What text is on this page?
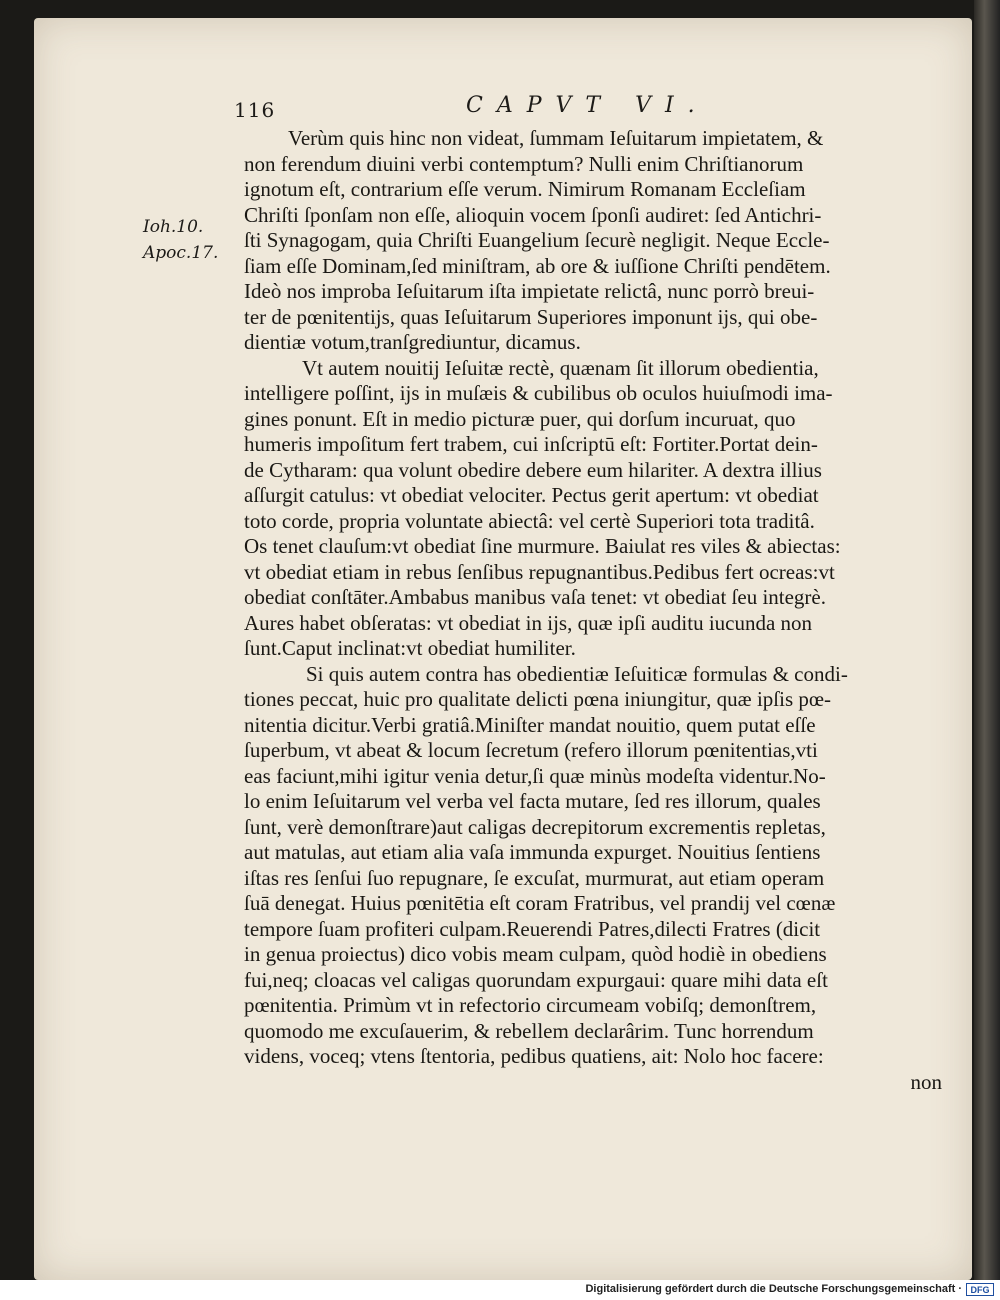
116	CAPVT VI.
Ioh.10.
Apoc.17.
Verùm quis hinc non videat, ſummam Ieſuitarum impietatem, &
non ferendum diuini verbi contemptum? Nulli enim Chriſtianorum
ignotum eſt, contrarium eſſe verum. Nimirum Romanam Eccleſiam
Chriſti ſponſam non eſſe, alioquin vocem ſponſi audiret: ſed Antichri-
ſti Synagogam, quia Chriſti Euangelium ſecurè negligit. Neque Eccle-
ſiam eſſe Dominam,ſed miniſtram, ab ore & iuſſione Chriſti pendētem.
Ideò nos improba Ieſuitarum iſta impietate relictâ, nunc porrò breui-
ter de pœnitentijs, quas Ieſuitarum Superiores imponunt ijs, qui obe-
dientiæ votum,tranſgrediuntur, dicamus.
Vt autem nouitij Ieſuitæ rectè, quænam ſit illorum obedientia,
intelligere poſſint, ijs in muſæis & cubilibus ob oculos huiuſmodi ima-
gines ponunt. Eſt in medio picturæ puer, qui dorſum incuruat, quo
humeris impoſitum fert trabem, cui inſcriptū eſt: Fortiter.Portat dein-
de Cytharam: qua volunt obedire debere eum hilariter. A dextra illius
aſſurgit catulus: vt obediat velociter. Pectus gerit apertum: vt obediat
toto corde, propria voluntate abiectâ: vel certè Superiori tota traditâ.
Os tenet clauſum:vt obediat ſine murmure. Baiulat res viles & abiectas:
vt obediat etiam in rebus ſenſibus repugnantibus.Pedibus fert ocreas:vt
obediat conſtāter.Ambabus manibus vaſa tenet: vt obediat ſeu integrè.
Aures habet obſeratas: vt obediat in ijs, quæ ipſi auditu iucunda non
ſunt.Caput inclinat:vt obediat humiliter.
Si quis autem contra has obedientiæ Ieſuiticæ formulas & condi-
tiones peccat, huic pro qualitate delicti pœna iniungitur, quæ ipſis pœ-
nitentia dicitur.Verbi gratiâ.Miniſter mandat nouitio, quem putat eſſe
ſuperbum, vt abeat & locum ſecretum (refero illorum pœnitentias,vti
eas faciunt,mihi igitur venia detur,ſi quæ minùs modeſta videntur.No-
lo enim Ieſuitarum vel verba vel facta mutare, ſed res illorum, quales
ſunt, verè demonſtrare)aut caligas decrepitorum excrementis repletas,
aut matulas, aut etiam alia vaſa immunda expurget. Nouitius ſentiens
iſtas res ſenſui ſuo repugnare, ſe excuſat, murmurat, aut etiam operam
ſuā denegat. Huius pœnitētia eſt coram Fratribus, vel prandij vel cœnæ
tempore ſuam profiteri culpam.Reuerendi Patres,dilecti Fratres (dicit
in genua proiectus) dico vobis meam culpam, quòd hodiè in obediens
fui,neq; cloacas vel caligas quorundam expurgaui: quare mihi data eſt
pœnitentia. Primùm vt in refectorio circumeam vobiſq; demonſtrem,
quomodo me excuſauerim, & rebellem declarârim. Tunc horrendum
videns, voceq; vtens ſtentoria, pedibus quatiens, ait: Nolo hoc facere:
non
Digitalisierung gefördert durch die Deutsche Forschungsgemeinschaft · DFG
